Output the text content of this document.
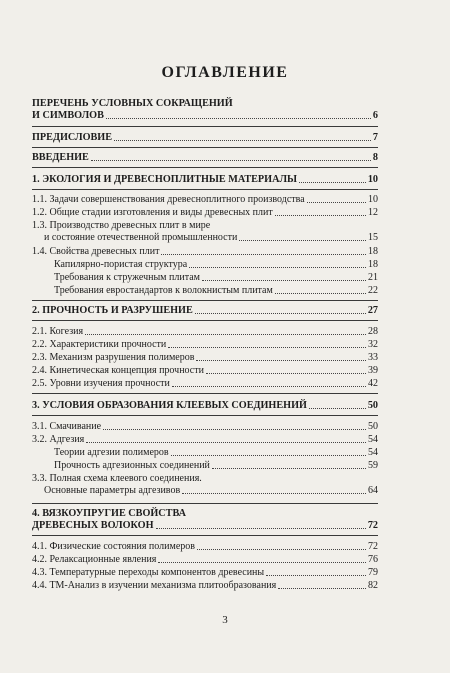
ОГЛАВЛЕНИЕ
ПЕРЕЧЕНЬ УСЛОВНЫХ СОКРАЩЕНИЙ
И СИМВОЛОВ	6
ПРЕДИСЛОВИЕ	7
ВВЕДЕНИЕ	8
1. ЭКОЛОГИЯ И ДРЕВЕСНОПЛИТНЫЕ МАТЕРИАЛЫ	10
1.1. Задачи совершенствования древесноплитного производства	10
1.2. Общие стадии изготовления и виды древесных плит	12
1.3. Производство древесных плит в мире
и состояние отечественной промышленности	15
1.4. Свойства древесных плит	18
Капилярно-пористая структура	18
Требования к стружечным плитам	21
Требования евростандартов к волокнистым плитам	22
2. ПРОЧНОСТЬ И РАЗРУШЕНИЕ	27
2.1. Когезия	28
2.2. Характеристики прочности	32
2.3. Механизм разрушения полимеров	33
2.4. Кинетическая концепция прочности	39
2.5. Уровни изучения прочности	42
3. УСЛОВИЯ ОБРАЗОВАНИЯ КЛЕЕВЫХ СОЕДИНЕНИЙ	50
3.1. Смачивание	50
3.2. Адгезия	54
Теории адгезии полимеров	54
Прочность адгезионных соединений	59
3.3. Полная схема клеевого соединения.
Основные параметры адгезивов	64
4. ВЯЗКОУПРУГИЕ СВОЙСТВА
ДРЕВЕСНЫХ ВОЛОКОН	72
4.1. Физические состояния полимеров	72
4.2. Релаксационные явления	76
4.3. Температурные переходы компонентов древесины	79
4.4. ТМ-Анализ в изучении механизма плитообразования	82
3
